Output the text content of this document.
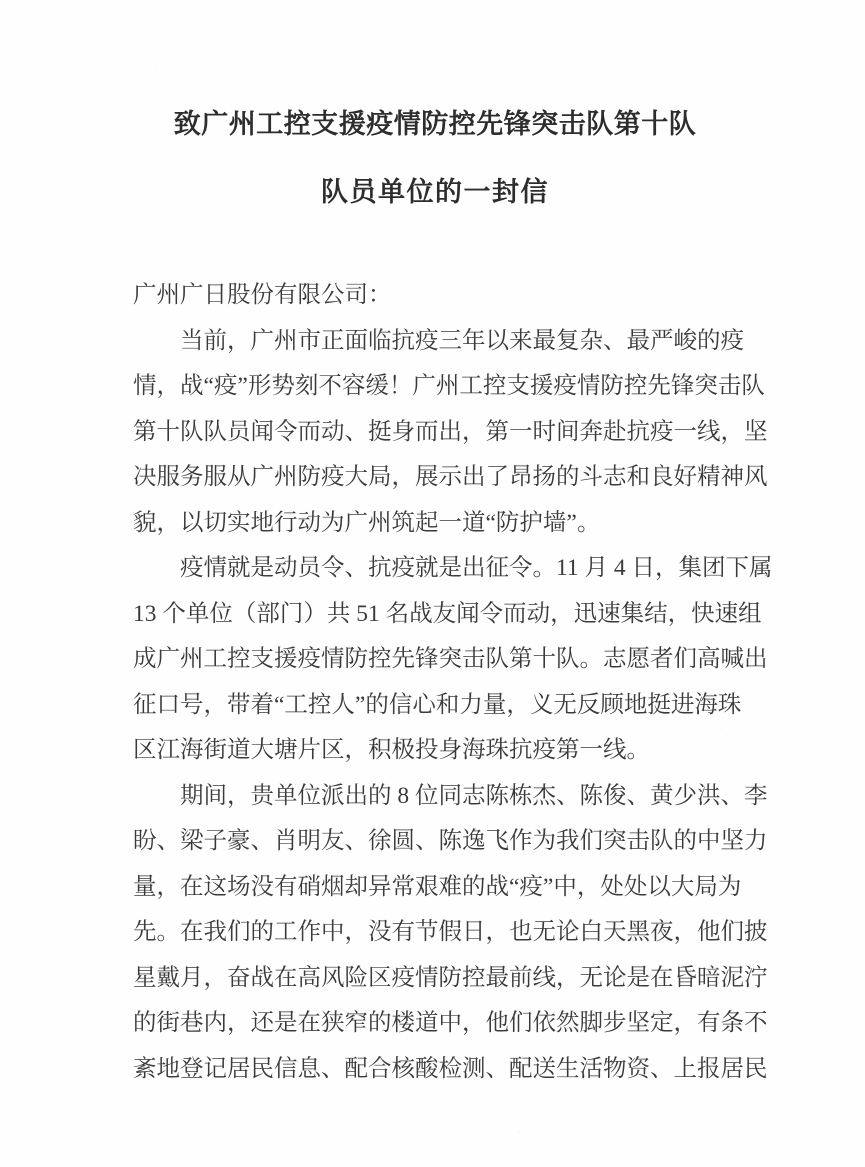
致广州工控支援疫情防控先锋突击队第十队
队员单位的一封信
广州广日股份有限公司：
当前，广州市正面临抗疫三年以来最复杂、最严峻的疫
情，战“疫”形势刻不容缓！广州工控支援疫情防控先锋突击队
第十队队员闻令而动、挺身而出，第一时间奔赴抗疫一线，坚
决服务服从广州防疫大局，展示出了昂扬的斗志和良好精神风
貌，以切实地行动为广州筑起一道“防护墙”。
疫情就是动员令、抗疫就是出征令。11 月 4 日，集团下属
13 个单位（部门）共 51 名战友闻令而动，迅速集结，快速组
成广州工控支援疫情防控先锋突击队第十队。志愿者们高喊出
征口号，带着“工控人”的信心和力量，义无反顾地挺进海珠
区江海街道大塘片区，积极投身海珠抗疫第一线。
期间，贵单位派出的 8 位同志陈栋杰、陈俊、黄少洪、李
盼、梁子豪、肖明友、徐圆、陈逸飞作为我们突击队的中坚力
量，在这场没有硝烟却异常艰难的战“疫”中，处处以大局为
先。在我们的工作中，没有节假日，也无论白天黑夜，他们披
星戴月，奋战在高风险区疫情防控最前线，无论是在昏暗泥泞
的街巷内，还是在狭窄的楼道中，他们依然脚步坚定，有条不
紊地登记居民信息、配合核酸检测、配送生活物资、上报居民
